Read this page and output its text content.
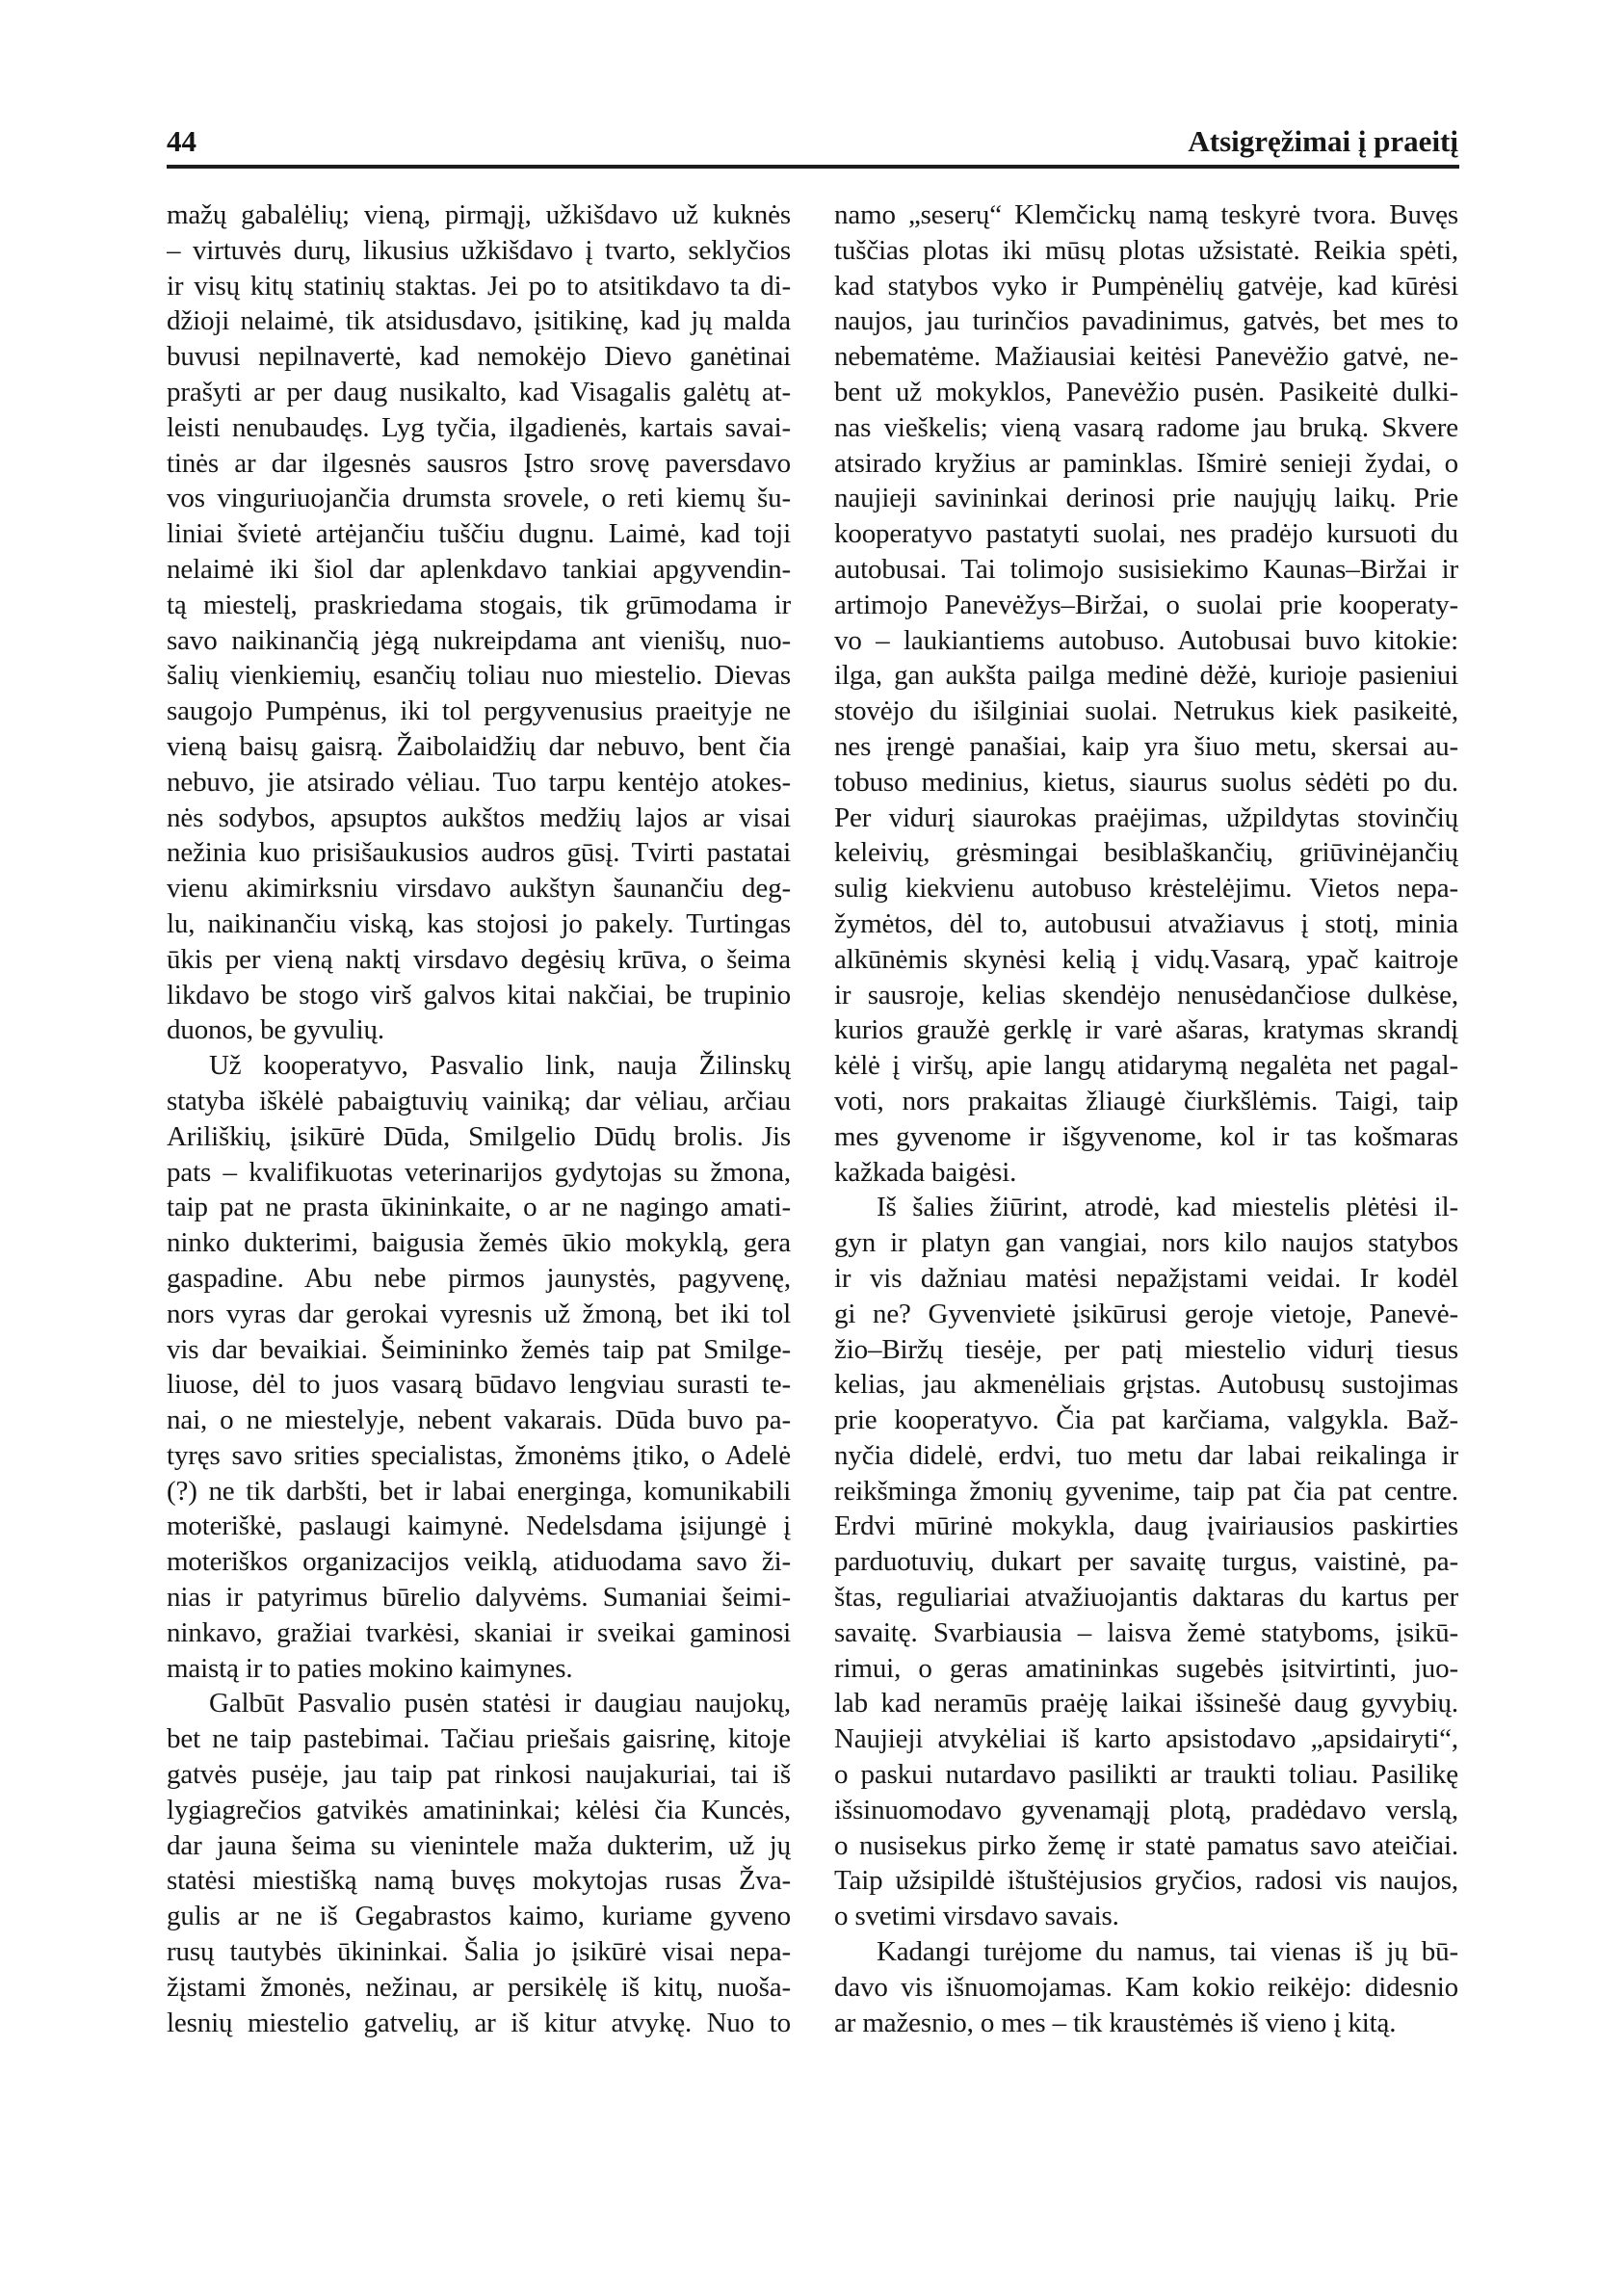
44	Atsigręžimai į praeitį
mažų gabalėlių; vieną, pirmąjį, užkišdavo už kuknės
– virtuvės durų, likusius užkišdavo į tvarto, seklyčios
ir visų kitų statinių staktas. Jei po to atsitikdavo ta di-
džioji nelaimė, tik atsidusdavo, įsitikinę, kad jų malda
buvusi nepilnavertė, kad nemokėjo Dievo ganėtinai
prašyti ar per daug nusikalto, kad Visagalis galėtų at-
leisti nenubaudęs. Lyg tyčia, ilgadienės, kartais savai-
tinės ar dar ilgesnės sausros Įstro srovę paversdavo
vos vinguriuojančia drumsta srovele, o reti kiemų šu-
liniai švietė artėjančiu tuščiu dugnu. Laimė, kad toji
nelaimė iki šiol dar aplenkdavo tankiai apgyvendin-
tą miestelį, praskriedama stogais, tik grūmodama ir
savo naikinančią jėgą nukreipdama ant vienišų, nuo-
šalių vienkiemių, esančių toliau nuo miestelio. Dievas
saugojo Pumpėnus, iki tol pergyvenusius praeityje ne
vieną baisų gaisrą. Žaibolaidžių dar nebuvo, bent čia
nebuvo, jie atsirado vėliau. Tuo tarpu kentėjo atokes-
nės sodybos, apsuptos aukštos medžių lajos ar visai
nežinia kuo prisišaukusios audros gūsį. Tvirti pastatai
vienu akimirksniu virsdavo aukštyn šaunančiu deg-
lu, naikinančiu viską, kas stojosi jo pakely. Turtingas
ūkis per vieną naktį virsdavo degėsių krūva, o šeima
likdavo be stogo virš galvos kitai nakčiai, be trupinio
duonos, be gyvulių.
Už kooperatyvo, Pasvalio link, nauja Žilinskų
statyba iškėlė pabaigtuvių vainiką; dar vėliau, arčiau
Ariliškių, įsikūrė Dūda, Smilgelio Dūdų brolis. Jis
pats – kvalifikuotas veterinarijos gydytojas su žmona,
taip pat ne prasta ūkininkaite, o ar ne nagingo amati-
ninko dukterimi, baigusia žemės ūkio mokyklą, gera
gaspadine. Abu nebe pirmos jaunystės, pagyvenę,
nors vyras dar gerokai vyresnis už žmoną, bet iki tol
vis dar bevaikiai. Šeimininko žemės taip pat Smilge-
liuose, dėl to juos vasarą būdavo lengviau surasti te-
nai, o ne miestelyje, nebent vakarais. Dūda buvo pa-
tyręs savo srities specialistas, žmonėms įtiko, o Adelė
(?) ne tik darbšti, bet ir labai energinga, komunikabili
moteriškė, paslaugi kaimynė. Nedelsdama įsijungė į
moteriškos organizacijos veiklą, atiduodama savo ži-
nias ir patyrimus būrelio dalyvėms. Sumaniai šeimi-
ninkavo, gražiai tvarkėsi, skaniai ir sveikai gaminosi
maistą ir to paties mokino kaimynes.
Galbūt Pasvalio pusėn statėsi ir daugiau naujokų,
bet ne taip pastebimai. Tačiau priešais gaisrinę, kitoje
gatvės pusėje, jau taip pat rinkosi naujakuriai, tai iš
lygiagrečios gatvikės amatininkai; kėlėsi čia Kuncės,
dar jauna šeima su vienintele maža dukterim, už jų
statėsi miestišką namą buvęs mokytojas rusas Žva-
gulis ar ne iš Gegabrastos kaimo, kuriame gyveno
rusų tautybės ūkininkai. Šalia jo įsikūrė visai nepa-
žįstami žmonės, nežinau, ar persikėlę iš kitų, nuoša-
lesnių miestelio gatvelių, ar iš kitur atvykę. Nuo to
namo „seserų“ Klemčickų namą teskyrė tvora. Buvęs
tuščias plotas iki mūsų plotas užsistatė. Reikia spėti,
kad statybos vyko ir Pumpėnėlių gatvėje, kad kūrėsi
naujos, jau turinčios pavadinimus, gatvės, bet mes to
nebematėme. Mažiausiai keitėsi Panevėžio gatvė, ne-
bent už mokyklos, Panevėžio pusėn. Pasikeitė dulki-
nas vieškelis; vieną vasarą radome jau bruką. Skvere
atsirado kryžius ar paminklas. Išmirė senieji žydai, o
naujieji savininkai derinosi prie naujųjų laikų. Prie
kooperatyvo pastatyti suolai, nes pradėjo kursuoti du
autobusai. Tai tolimojo susisiekimo Kaunas–Biržai ir
artimojo Panevėžys–Biržai, o suolai prie kooperaty-
vo – laukiantiems autobuso. Autobusai buvo kitokie:
ilga, gan aukšta pailga medinė dėžė, kurioje pasieniui
stovėjo du išilginiai suolai. Netrukus kiek pasikeitė,
nes įrengė panašiai, kaip yra šiuo metu, skersai au-
tobuso medinius, kietus, siaurus suolus sėdėti po du.
Per vidurį siaurokas praėjimas, užpildytas stovinčių
keleivių, grėsmingai besiblaškančių, griūvinėjančių
sulig kiekvienu autobuso krėstelėjimu. Vietos nepa-
žymėtos, dėl to, autobusui atvažiavus į stotį, minia
alkūnėmis skynėsi kelią į vidų.Vasarą, ypač kaitroje
ir sausroje, kelias skendėjo nenusėdančiose dulkėse,
kurios graužė gerklę ir varė ašaras, kratymas skrandį
kėlė į viršų, apie langų atidarymą negalėta net pagal-
voti, nors prakaitas žliaugė čiurkšlėmis. Taigi, taip
mes gyvenome ir išgyvenome, kol ir tas košmaras
kažkada baigėsi.
Iš šalies žiūrint, atrodė, kad miestelis plėtėsi il-
gyn ir platyn gan vangiai, nors kilo naujos statybos
ir vis dažniau matėsi nepažįstami veidai. Ir kodėl
gi ne? Gyvenvietė įsikūrusi geroje vietoje, Panevė-
žio–Biržų tiesėje, per patį miestelio vidurį tiesus
kelias, jau akmenėliais grįstas. Autobusų sustojimas
prie kooperatyvo. Čia pat karčiama, valgykla. Baž-
nyčia didelė, erdvi, tuo metu dar labai reikalinga ir
reikšminga žmonių gyvenime, taip pat čia pat centre.
Erdvi mūrinė mokykla, daug įvairiausios paskirties
parduotuvių, dukart per savaitę turgus, vaistinė, pa-
štas, reguliariai atvažiuojantis daktaras du kartus per
savaitę. Svarbiausia – laisva žemė statyboms, įsikū-
rimui, o geras amatininkas sugebės įsitvirtinti, juo-
lab kad neramūs praėję laikai išsinešė daug gyvybių.
Naujieji atvykėliai iš karto apsistodavo „apsidairyti“,
o paskui nutardavo pasilikti ar traukti toliau. Pasilikę
išsinuomodavo gyvenamąjį plotą, pradėdavo verslą,
o nusisekus pirko žemę ir statė pamatus savo ateičiai.
Taip užsipildė ištuštėjusios gryčios, radosi vis naujos,
o svetimi virsdavo savais.
Kadangi turėjome du namus, tai vienas iš jų bū-
davo vis išnuomojamas. Kam kokio reikėjo: didesnio
ar mažesnio, o mes – tik kraustėmės iš vieno į kitą.
